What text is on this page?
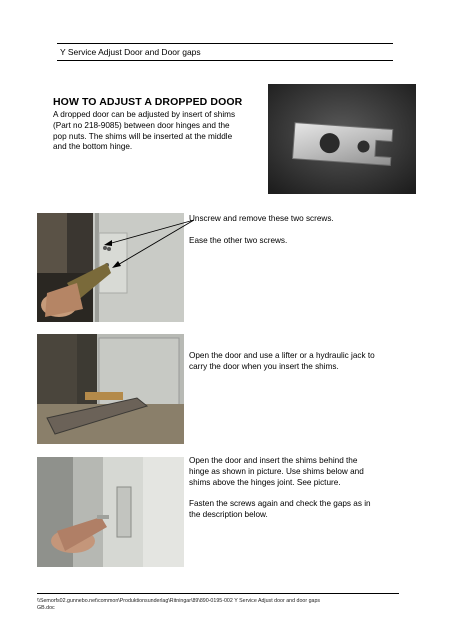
Y Service Adjust Door and Door gaps
HOW TO ADJUST A DROPPED DOOR
A dropped door can be adjusted by insert of shims
(Part no 218-9085) between door hinges and the
pop nuts. The shims will be inserted at the middle
and the bottom hinge.
Unscrew and remove these two screws.
Ease the other two screws.
Open the door and use a lifter or a hydraulic jack to
carry the door when you insert the shims.
Open the door and insert the shims behind the
hinge as shown in picture. Use shims below and
shims above the hinges joint. See picture.
Fasten the screws again and check the gaps as in
the description below.
\\Semorfs02.gunnebo.net\common\Produktionsunderlag\Ritningar\89\890-0195-002 Y Service Adjust door and door gaps
GB.doc
